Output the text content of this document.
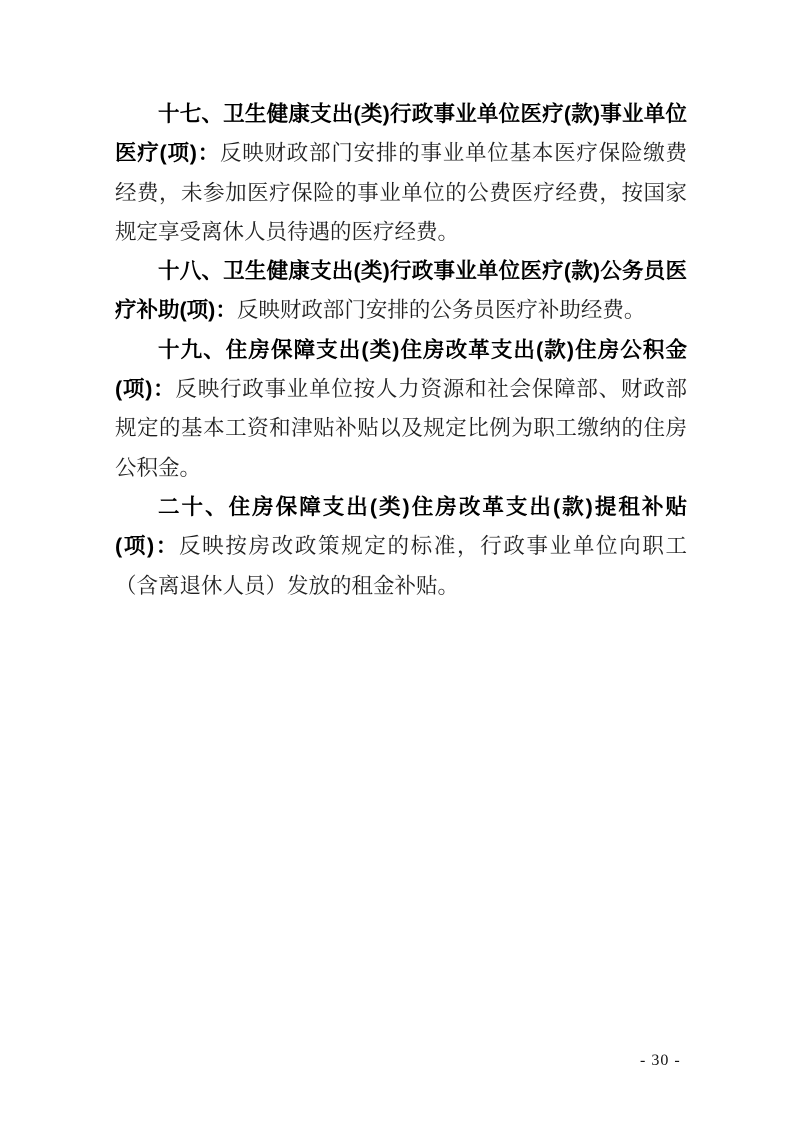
十七、卫生健康支出(类)行政事业单位医疗(款)事业单位医疗(项)：反映财政部门安排的事业单位基本医疗保险缴费经费，未参加医疗保险的事业单位的公费医疗经费，按国家规定享受离休人员待遇的医疗经费。

十八、卫生健康支出(类)行政事业单位医疗(款)公务员医疗补助(项)：反映财政部门安排的公务员医疗补助经费。

十九、住房保障支出(类)住房改革支出(款)住房公积金(项)：反映行政事业单位按人力资源和社会保障部、财政部规定的基本工资和津贴补贴以及规定比例为职工缴纳的住房公积金。

二十、住房保障支出(类)住房改革支出(款)提租补贴(项)：反映按房改政策规定的标准，行政事业单位向职工（含离退休人员）发放的租金补贴。

- 30 -
